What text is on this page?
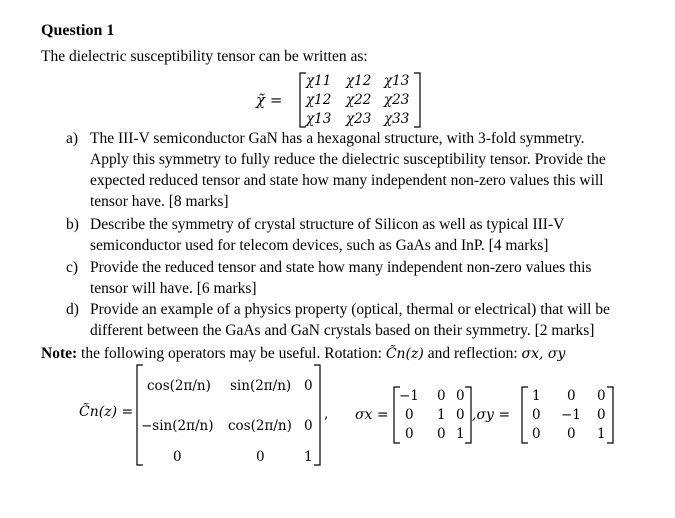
Question 1
The dielectric susceptibility tensor can be written as:
χ̃ =
χ11 χ12 χ13
χ12 χ22 χ23
χ13 χ23 χ33
a) The III-V semiconductor GaN has a hexagonal structure, with 3-fold symmetry.
Apply this symmetry to fully reduce the dielectric susceptibility tensor. Provide the
expected reduced tensor and state how many independent non-zero values this will
tensor have. [8 marks]
b) Describe the symmetry of crystal structure of Silicon as well as typical III-V
semiconductor used for telecom devices, such as GaAs and InP. [4 marks]
c) Provide the reduced tensor and state how many independent non-zero values this
tensor will have. [6 marks]
d) Provide an example of a physics property (optical, thermal or electrical) that will be
different between the GaAs and GaN crystals based on their symmetry. [2 marks]
Note: the following operators may be useful. Rotation: C̃n(z) and reflection: σx, σy
C̃n(z) =
cos(2π/n) sin(2π/n) 0
−sin(2π/n) cos(2π/n) 0
0	0	1
, σx =
−1 0 0
0 1 0
0 0 1
,σy =
1 0 0
0 −1 0
0 0 1
